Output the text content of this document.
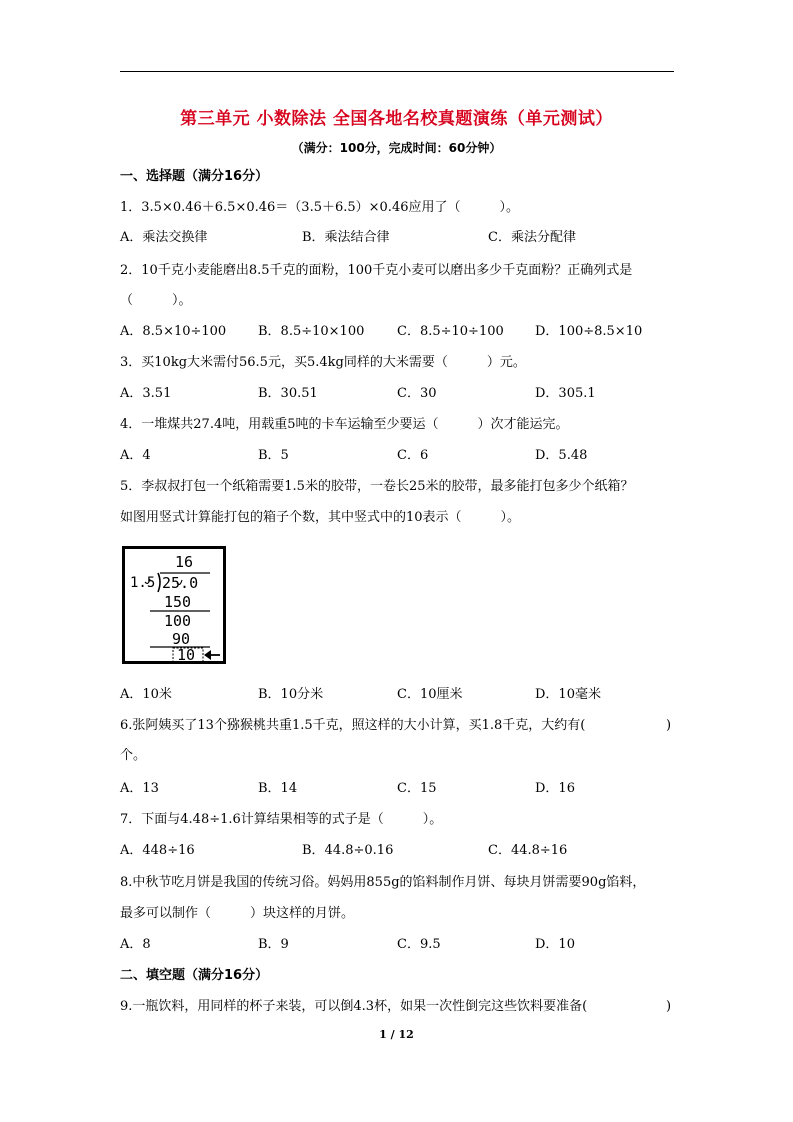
第三单元 小数除法 全国各地名校真题演练（单元测试）
（满分：100分，完成时间：60分钟）
一、选择题（满分16分）
1．3.5×0.46＋6.5×0.46＝（3.5＋6.5）×0.46应用了（　　　）。
A．乘法交换律	B．乘法结合律	C．乘法分配律
2．10千克小麦能磨出8.5千克的面粉，100千克小麦可以磨出多少千克面粉？正确列式是
（　　　）。
A．8.5×10÷100 B．8.5÷10×100	C．8.5÷10÷100 D．100÷8.5×10
3．买10kg大米需付56.5元，买5.4kg同样的大米需要（　　　）元。
A．3.51	B．30.51	C．30	D．305.1
4．一堆煤共27.4吨，用载重5吨的卡车运输至少要运（　　　）次才能运完。
A．4	B．5	C．6	D．5.48
5．李叔叔打包一个纸箱需要1.5米的胶带，一卷长25米的胶带，最多能打包多少个纸箱？
如图用竖式计算能打包的箱子个数，其中竖式中的10表示（　　　）。
16
1.5 25.0
150
100
90
10
A．10米	B．10分米	C．10厘米	D．10毫米
6.张阿姨买了13个猕猴桃共重1.5千克，照这样的大小计算，买1.8千克，大约有(	)
个。
A．13	B．14	C．15	D．16
7．下面与4.48÷1.6计算结果相等的式子是（　　　）。
A．448÷16	B．44.8÷0.16	C．44.8÷16
8.中秋节吃月饼是我国的传统习俗。妈妈用855g的馅料制作月饼、每块月饼需要90g馅料，
最多可以制作（　　　）块这样的月饼。
A．8	B．9	C．9.5	D．10
二、填空题（满分16分）
9.一瓶饮料，用同样的杯子来装，可以倒4.3杯，如果一次性倒完这些饮料要准备(	)
1 / 12
